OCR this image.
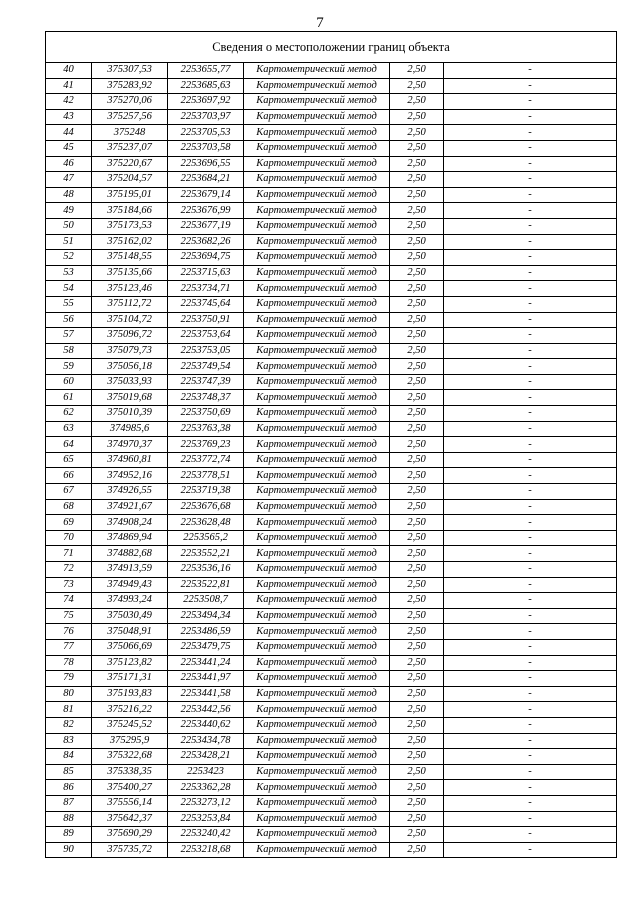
7
Сведения о местоположении границ объекта					
40	375307,53	2253655,77	Картометрический метод	2,50	-
41	375283,92	2253685,63	Картометрический метод	2,50	-
42	375270,06	2253697,92	Картометрический метод	2,50	-
43	375257,56	2253703,97	Картометрический метод	2,50	-
44	375248	2253705,53	Картометрический метод	2,50	-
45	375237,07	2253703,58	Картометрический метод	2,50	-
46	375220,67	2253696,55	Картометрический метод	2,50	-
47	375204,57	2253684,21	Картометрический метод	2,50	-
48	375195,01	2253679,14	Картометрический метод	2,50	-
49	375184,66	2253676,99	Картометрический метод	2,50	-
50	375173,53	2253677,19	Картометрический метод	2,50	-
51	375162,02	2253682,26	Картометрический метод	2,50	-
52	375148,55	2253694,75	Картометрический метод	2,50	-
53	375135,66	2253715,63	Картометрический метод	2,50	-
54	375123,46	2253734,71	Картометрический метод	2,50	-
55	375112,72	2253745,64	Картометрический метод	2,50	-
56	375104,72	2253750,91	Картометрический метод	2,50	-
57	375096,72	2253753,64	Картометрический метод	2,50	-
58	375079,73	2253753,05	Картометрический метод	2,50	-
59	375056,18	2253749,54	Картометрический метод	2,50	-
60	375033,93	2253747,39	Картометрический метод	2,50	-
61	375019,68	2253748,37	Картометрический метод	2,50	-
62	375010,39	2253750,69	Картометрический метод	2,50	-
63	374985,6	2253763,38	Картометрический метод	2,50	-
64	374970,37	2253769,23	Картометрический метод	2,50	-
65	374960,81	2253772,74	Картометрический метод	2,50	-
66	374952,16	2253778,51	Картометрический метод	2,50	-
67	374926,55	2253719,38	Картометрический метод	2,50	-
68	374921,67	2253676,68	Картометрический метод	2,50	-
69	374908,24	2253628,48	Картометрический метод	2,50	-
70	374869,94	2253565,2	Картометрический метод	2,50	-
71	374882,68	2253552,21	Картометрический метод	2,50	-
72	374913,59	2253536,16	Картометрический метод	2,50	-
73	374949,43	2253522,81	Картометрический метод	2,50	-
74	374993,24	2253508,7	Картометрический метод	2,50	-
75	375030,49	2253494,34	Картометрический метод	2,50	-
76	375048,91	2253486,59	Картометрический метод	2,50	-
77	375066,69	2253479,75	Картометрический метод	2,50	-
78	375123,82	2253441,24	Картометрический метод	2,50	-
79	375171,31	2253441,97	Картометрический метод	2,50	-
80	375193,83	2253441,58	Картометрический метод	2,50	-
81	375216,22	2253442,56	Картометрический метод	2,50	-
82	375245,52	2253440,62	Картометрический метод	2,50	-
83	375295,9	2253434,78	Картометрический метод	2,50	-
84	375322,68	2253428,21	Картометрический метод	2,50	-
85	375338,35	2253423	Картометрический метод	2,50	-
86	375400,27	2253362,28	Картометрический метод	2,50	-
87	375556,14	2253273,12	Картометрический метод	2,50	-
88	375642,37	2253253,84	Картометрический метод	2,50	-
89	375690,29	2253240,42	Картометрический метод	2,50	-
90	375735,72	2253218,68	Картометрический метод	2,50	-
